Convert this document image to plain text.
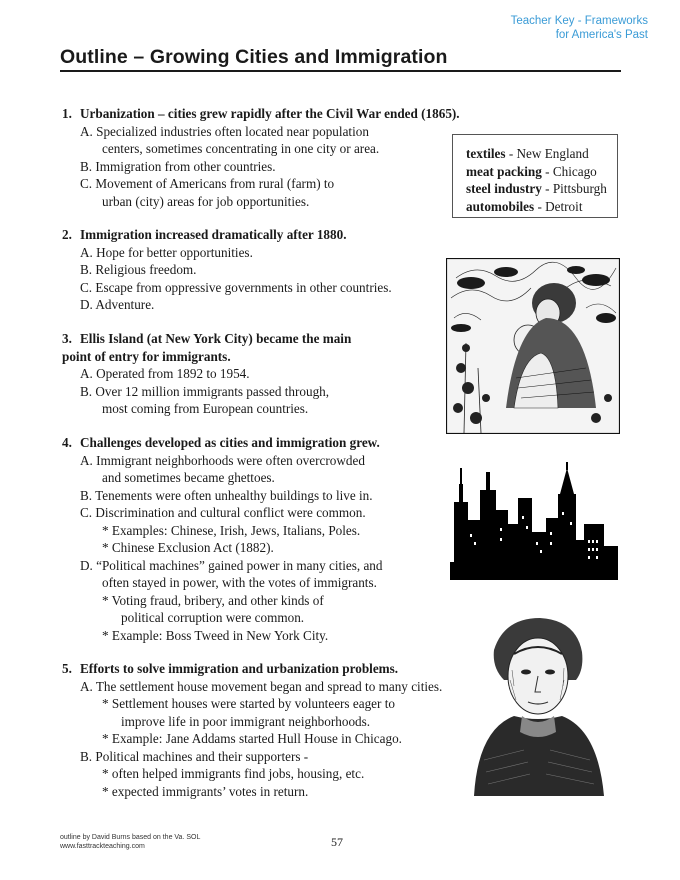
Teacher Key - Frameworks
for America's Past
Outline – Growing Cities and Immigration
1. Urbanization – cities grew rapidly after the Civil War ended (1865).
A. Specialized industries often located near population
centers, sometimes concentrating in one city or area.
B. Immigration from other countries.
C. Movement of Americans from rural (farm) to
urban (city) areas for job opportunities.
2. Immigration increased dramatically after 1880.
A. Hope for better opportunities.
B. Religious freedom.
C. Escape from oppressive governments in other countries.
D. Adventure.
3. Ellis Island (at New York City) became the main
point of entry for immigrants.
A. Operated from 1892 to 1954.
B. Over 12 million immigrants passed through,
most coming from European countries.
4. Challenges developed as cities and immigration grew.
A. Immigrant neighborhoods were often overcrowded
and sometimes became ghettoes.
B. Tenements were often unhealthy buildings to live in.
C. Discrimination and cultural conflict were common.
* Examples: Chinese, Irish, Jews, Italians, Poles.
* Chinese Exclusion Act (1882).
D. “Political machines” gained power in many cities, and
often stayed in power, with the votes of immigrants.
* Voting fraud, bribery, and other kinds of
political corruption were common.
* Example: Boss Tweed in New York City.
5. Efforts to solve immigration and urbanization problems.
A. The settlement house movement began and spread to many cities.
* Settlement houses were started by volunteers eager to
improve life in poor immigrant neighborhoods.
* Example: Jane Addams started Hull House in Chicago.
B. Political machines and their supporters -
* often helped immigrants find jobs, housing, etc.
* expected immigrants’ votes in return.
textiles - New England
meat packing - Chicago
steel industry - Pittsburgh
automobiles - Detroit
outline by David Burns based on the Va. SOL
www.fasttrackteaching.com	57
